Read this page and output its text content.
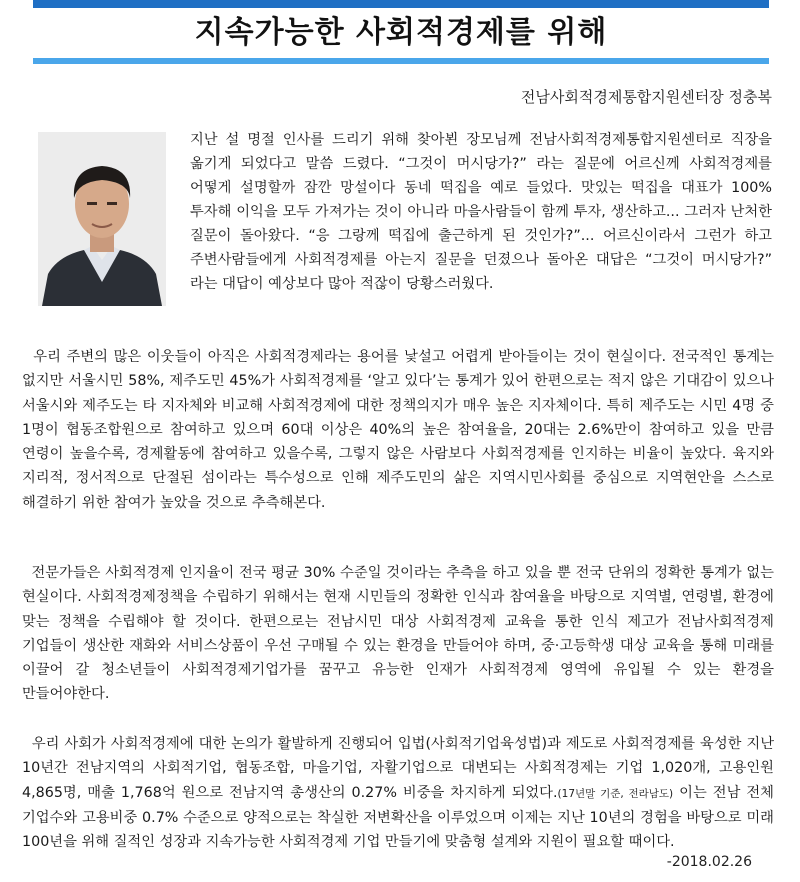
지속가능한 사회적경제를 위해
전남사회적경제통합지원센터장 정충복
지난 설 명절 인사를 드리기 위해 찾아뵌 장모님께 전남사회적경제통합지원센터로 직장을 옮기게 되었다고 말씀 드렸다. “그것이 머시당가?” 라는 질문에 어르신께 사회적경제를 어떻게 설명할까 잠깐 망설이다 동네 떡집을 예로 들었다. 맛있는 떡집을 대표가 100% 투자해 이익을 모두 가져가는 것이 아니라 마을사람들이 함께 투자, 생산하고... 그러자 난처한 질문이 돌아왔다. “응 그랑께 떡집에 출근하게 된 것인가?”... 어르신이라서 그런가 하고 주변사람들에게 사회적경제를 아는지 질문을 던졌으나 돌아온 대답은 “그것이 머시당가?” 라는 대답이 예상보다 많아 적잖이 당황스러웠다.
우리 주변의 많은 이웃들이 아직은 사회적경제라는 용어를 낯설고 어렵게 받아들이는 것이 현실이다. 전국적인 통계는 없지만 서울시민 58%, 제주도민 45%가 사회적경제를 ‘알고 있다’는 통계가 있어 한편으로는 적지 않은 기대감이 있으나 서울시와 제주도는 타 지자체와 비교해 사회적경제에 대한 정책의지가 매우 높은 지자체이다. 특히 제주도는 시민 4명 중 1명이 협동조합원으로 참여하고 있으며 60대 이상은 40%의 높은 참여율을, 20대는 2.6%만이 참여하고 있을 만큼 연령이 높을수록, 경제활동에 참여하고 있을수록, 그렇지 않은 사람보다 사회적경제를 인지하는 비율이 높았다. 육지와 지리적, 정서적으로 단절된 섬이라는 특수성으로 인해 제주도민의 삶은 지역시민사회를 중심으로 지역현안을 스스로 해결하기 위한 참여가 높았을 것으로 추측해본다.
전문가들은 사회적경제 인지율이 전국 평균 30% 수준일 것이라는 추측을 하고 있을 뿐 전국 단위의 정확한 통계가 없는 현실이다. 사회적경제정책을 수립하기 위해서는 현재 시민들의 정확한 인식과 참여율을 바탕으로 지역별, 연령별, 환경에 맞는 정책을 수립해야 할 것이다. 한편으로는 전남시민 대상 사회적경제 교육을 통한 인식 제고가 전남사회적경제 기업들이 생산한 재화와 서비스상품이 우선 구매될 수 있는 환경을 만들어야 하며, 중·고등학생 대상 교육을 통해 미래를 이끌어 갈 청소년들이 사회적경제기업가를 꿈꾸고 유능한 인재가 사회적경제 영역에 유입될 수 있는 환경을 만들어야한다.
우리 사회가 사회적경제에 대한 논의가 활발하게 진행되어 입법(사회적기업육성법)과 제도로 사회적경제를 육성한 지난 10년간 전남지역의 사회적기업, 협동조합, 마을기업, 자활기업으로 대변되는 사회적경제는 기업 1,020개, 고용인원 4,865명, 매출 1,768억 원으로 전남지역 총생산의 0.27% 비중을 차지하게 되었다.(17년말 기준, 전라남도) 이는 전남 전체 기업수와 고용비중 0.7% 수준으로 양적으로는 착실한 저변확산을 이루었으며 이제는 지난 10년의 경험을 바탕으로 미래 100년을 위해 질적인 성장과 지속가능한 사회적경제 기업 만들기에 맞춤형 설계와 지원이 필요할 때이다.
-2018.02.26
